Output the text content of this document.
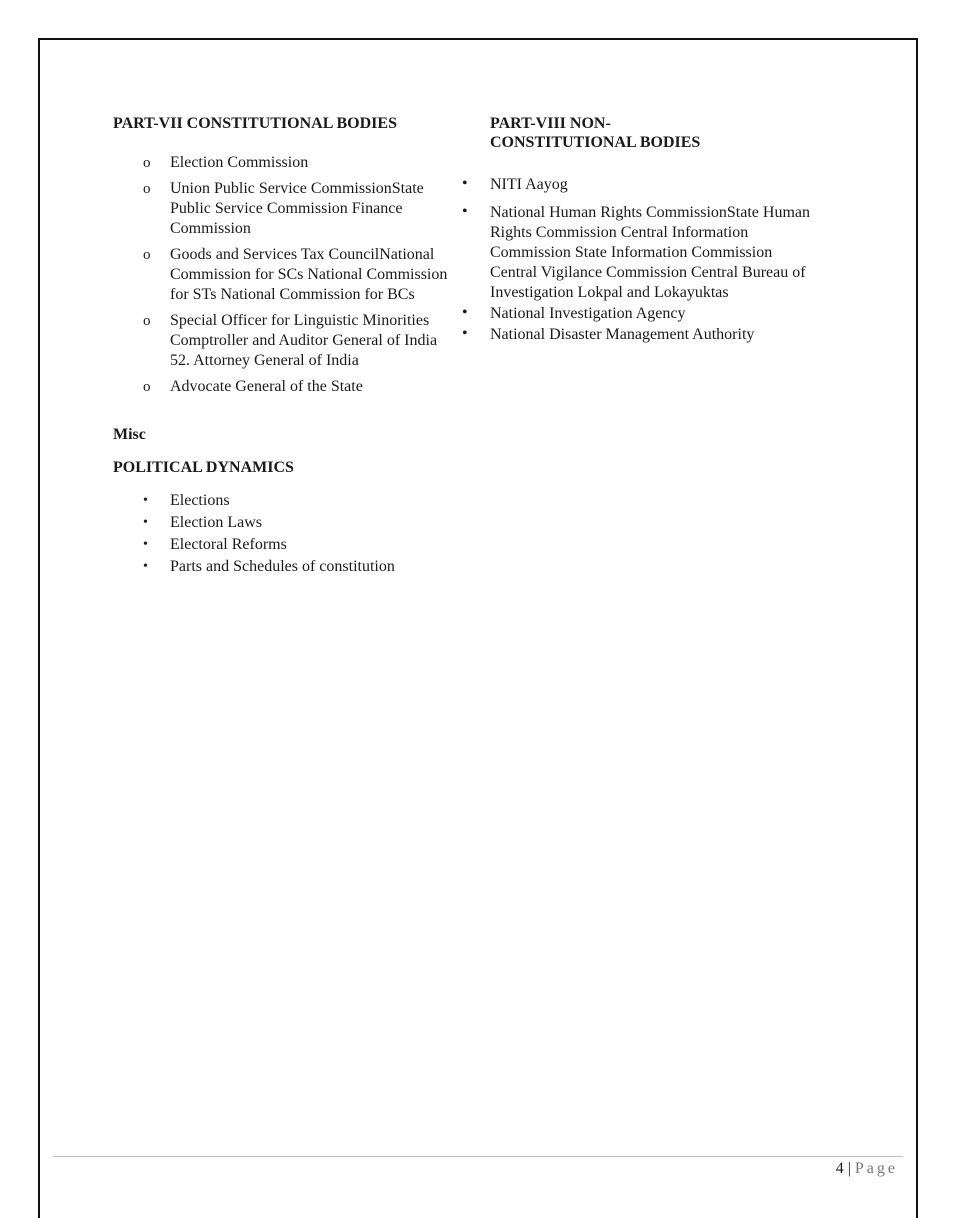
PART-VII CONSTITUTIONAL BODIES
o Election Commission
o Union Public Service CommissionState Public Service Commission Finance Commission
o Goods and Services Tax CouncilNational Commission for SCs National Commission for STs National Commission for BCs
o Special Officer for Linguistic Minorities Comptroller and Auditor General of India 52. Attorney General of India
o Advocate General of the State
Misc
POLITICAL DYNAMICS
• Elections
• Election Laws
• Electoral Reforms
• Parts and Schedules of constitution
PART-VIII NON-
CONSTITUTIONAL BODIES
• NITI Aayog
• National Human Rights CommissionState Human Rights Commission Central Information Commission State Information Commission Central Vigilance Commission Central Bureau of Investigation Lokpal and Lokayuktas
• National Investigation Agency
• National Disaster Management Authority
4 | Page
